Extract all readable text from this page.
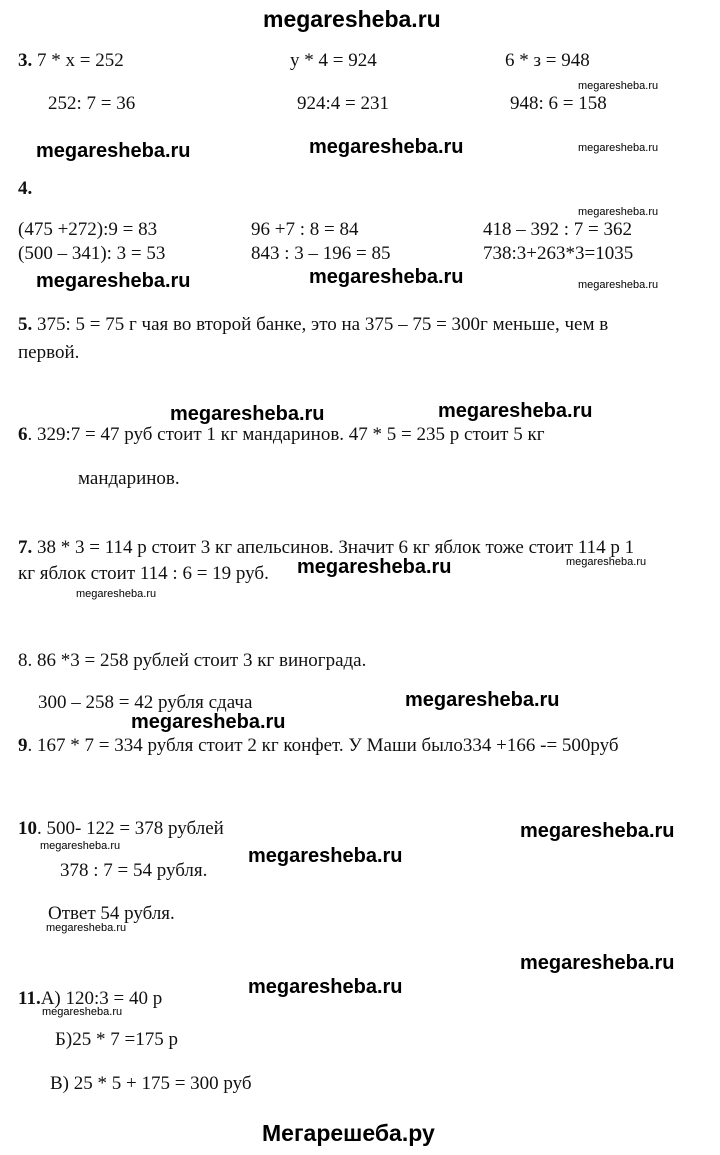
megaresheba.ru
3. 7 * х = 252	у * 4 = 924	6 * з = 948
megaresheba.ru
252: 7 = 36	924:4 = 231	948: 6 = 158
megaresheba.ru	megaresheba.ru	megaresheba.ru
4.
megaresheba.ru
(475 +272):9 = 83	96 +7 : 8 = 84	418 – 392 : 7 = 362
(500 – 341): 3 = 53	843 : 3 – 196 = 85	738:3+263*3=1035
megaresheba.ru	megaresheba.ru	megaresheba.ru
5. 375: 5 = 75 г чая во второй банке, это на 375 – 75 = 300г меньше, чем в
первой.
megaresheba.ru	megaresheba.ru
6. 329:7 = 47 руб стоит 1 кг мандаринов. 47 * 5 = 235 р стоит 5 кг
мандаринов.
7. 38 * 3 = 114 р стоит 3 кг апельсинов. Значит 6 кг яблок тоже стоит 114 р 1
кг яблок стоит 114 : 6 = 19 руб. megaresheba.ru	megaresheba.ru
megaresheba.ru
8. 86 *3 = 258 рублей стоит 3 кг винограда.
300 – 258 = 42 рубля сдача	megaresheba.ru
megaresheba.ru
9. 167 * 7 = 334 рубля стоит 2 кг конфет. У Маши было334 +166 -= 500руб
10. 500- 122 = 378 рублей	megaresheba.ru
megaresheba.ru	megaresheba.ru
378 : 7 = 54 рубля.
Ответ 54 рубля.
megaresheba.ru
megaresheba.ru
megaresheba.ru
11.А) 120:3 = 40 р
megaresheba.ru
Б)25 * 7 =175 р
В) 25 * 5 + 175 = 300 руб
Мегарешеба.ру
